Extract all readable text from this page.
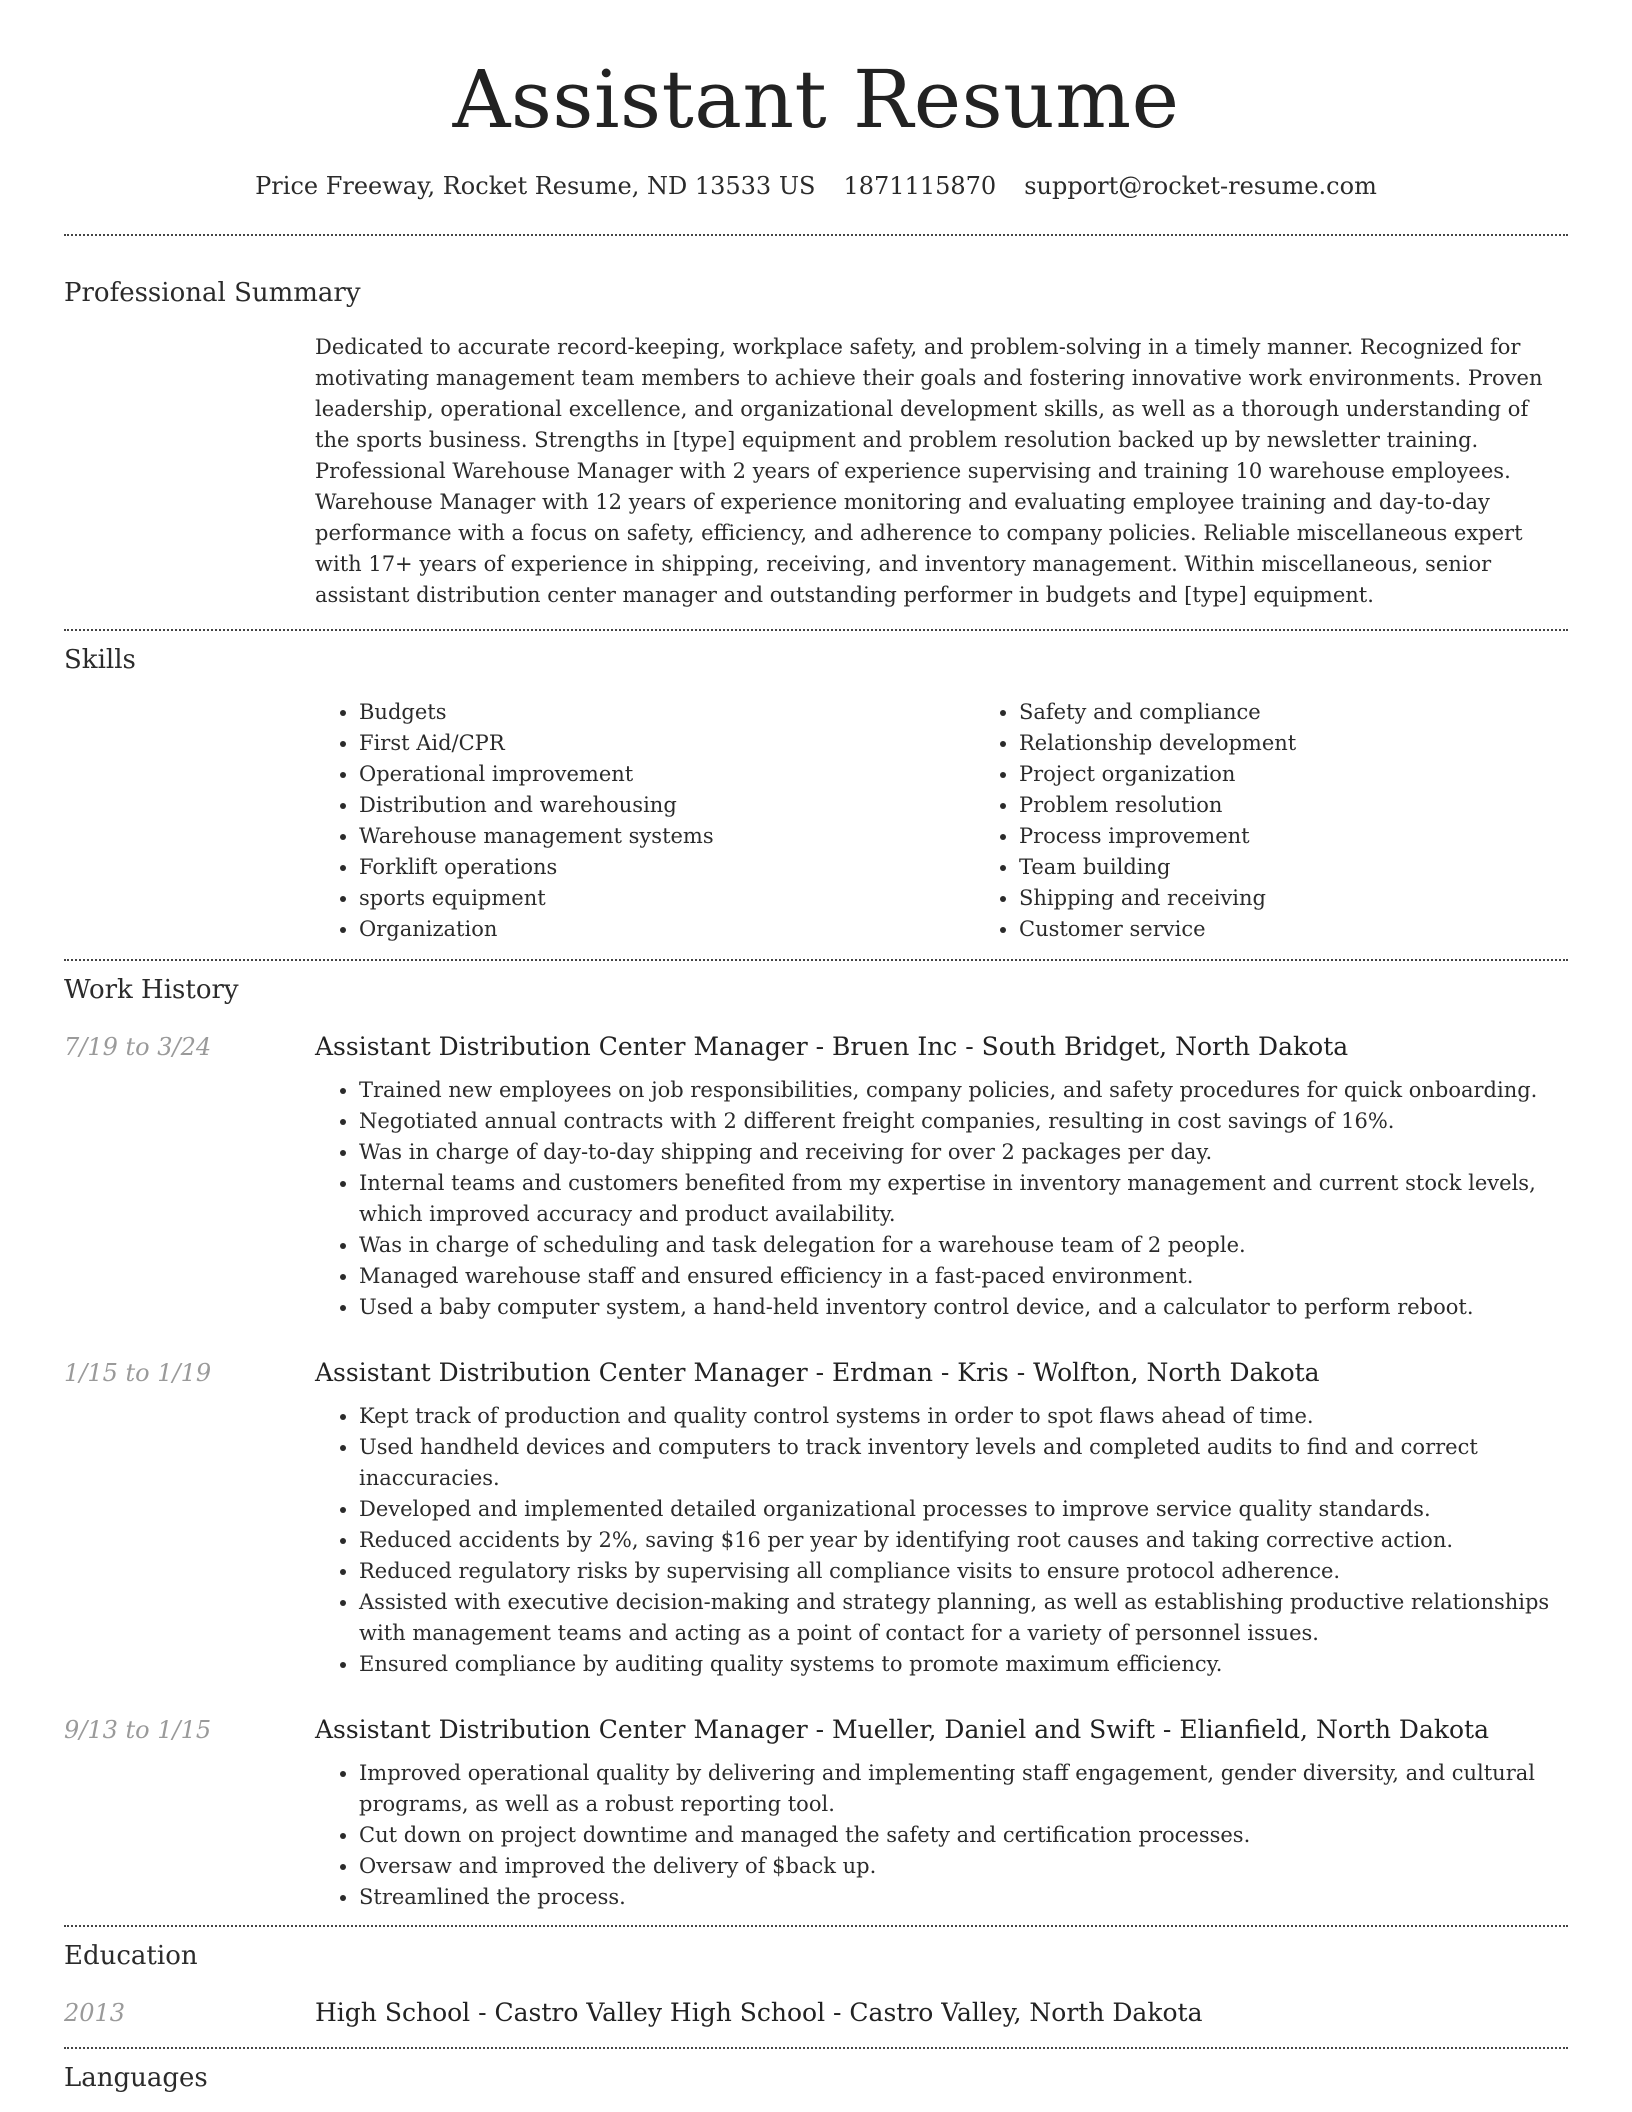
Assistant Resume
Price Freeway, Rocket Resume, ND 13533 US 1871115870 support@rocket-resume.com
Professional Summary

Dedicated to accurate record-keeping, workplace safety, and problem-solving in a timely manner. Recognized for motivating management team members to achieve their goals and fostering innovative work environments. Proven leadership, operational excellence, and organizational development skills, as well as a thorough understanding of the sports business. Strengths in [type] equipment and problem resolution backed up by newsletter training. Professional Warehouse Manager with 2 years of experience supervising and training 10 warehouse employees. Warehouse Manager with 12 years of experience monitoring and evaluating employee training and day-to-day performance with a focus on safety, efficiency, and adherence to company policies. Reliable miscellaneous expert with 17+ years of experience in shipping, receiving, and inventory management. Within miscellaneous, senior assistant distribution center manager and outstanding performer in budgets and [type] equipment.

Skills
• Budgets
• First Aid/CPR
• Operational improvement
• Distribution and warehousing
• Warehouse management systems
• Forklift operations
• sports equipment
• Organization
• Safety and compliance
• Relationship development
• Project organization
• Problem resolution
• Process improvement
• Team building
• Shipping and receiving
• Customer service
Work History
7/19 to 3/24	Assistant Distribution Center Manager - Bruen Inc - South Bridget, North Dakota
• Trained new employees on job responsibilities, company policies, and safety procedures for quick onboarding.
• Negotiated annual contracts with 2 different freight companies, resulting in cost savings of 16%.
• Was in charge of day-to-day shipping and receiving for over 2 packages per day.
• Internal teams and customers benefited from my expertise in inventory management and current stock levels, which improved accuracy and product availability.
• Was in charge of scheduling and task delegation for a warehouse team of 2 people.
• Managed warehouse staff and ensured efficiency in a fast-paced environment.
• Used a baby computer system, a hand-held inventory control device, and a calculator to perform reboot.
1/15 to 1/19	Assistant Distribution Center Manager - Erdman - Kris - Wolfton, North Dakota
• Kept track of production and quality control systems in order to spot flaws ahead of time.
• Used handheld devices and computers to track inventory levels and completed audits to find and correct inaccuracies.
• Developed and implemented detailed organizational processes to improve service quality standards.
• Reduced accidents by 2%, saving $16 per year by identifying root causes and taking corrective action.
• Reduced regulatory risks by supervising all compliance visits to ensure protocol adherence.
• Assisted with executive decision-making and strategy planning, as well as establishing productive relationships with management teams and acting as a point of contact for a variety of personnel issues.
• Ensured compliance by auditing quality systems to promote maximum efficiency.
9/13 to 1/15	Assistant Distribution Center Manager - Mueller, Daniel and Swift - Elianfield, North Dakota
• Improved operational quality by delivering and implementing staff engagement, gender diversity, and cultural programs, as well as a robust reporting tool.
• Cut down on project downtime and managed the safety and certification processes.
• Oversaw and improved the delivery of $back up.
• Streamlined the process.
Education
2013	High School - Castro Valley High School - Castro Valley, North Dakota
Languages
